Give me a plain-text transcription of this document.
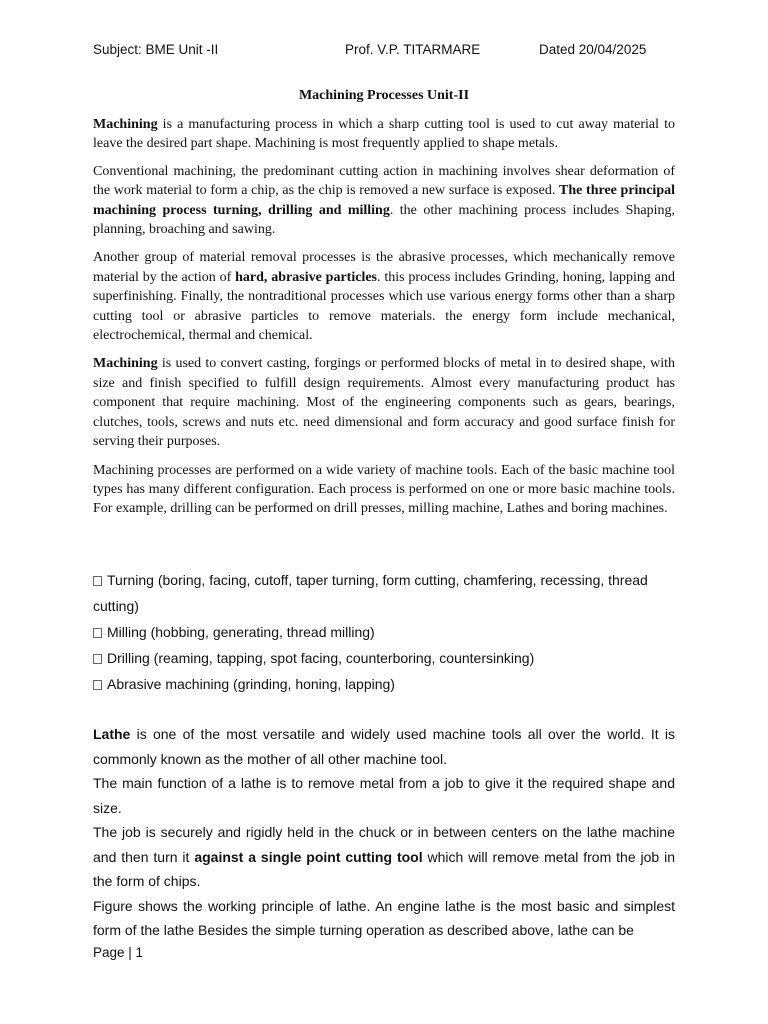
Subject: BME Unit -II	Prof. V.P. TITARMARE	Dated 20/04/2025
Machining Processes Unit-II

Machining is a manufacturing process in which a sharp cutting tool is used to cut away material to leave the desired part shape. Machining is most frequently applied to shape metals.

Conventional machining, the predominant cutting action in machining involves shear deformation of the work material to form a chip, as the chip is removed a new surface is exposed. The three principal machining process turning, drilling and milling. the other machining process includes Shaping, planning, broaching and sawing.

Another group of material removal processes is the abrasive processes, which mechanically remove material by the action of hard, abrasive particles. this process includes Grinding, honing, lapping and superfinishing. Finally, the nontraditional processes which use various energy forms other than a sharp cutting tool or abrasive particles to remove materials. the energy form include mechanical, electrochemical, thermal and chemical.

Machining is used to convert casting, forgings or performed blocks of metal in to desired shape, with size and finish specified to fulfill design requirements. Almost every manufacturing product has component that require machining. Most of the engineering components such as gears, bearings, clutches, tools, screws and nuts etc. need dimensional and form accuracy and good surface finish for serving their purposes.

Machining processes are performed on a wide variety of machine tools. Each of the basic machine tool types has many different configuration. Each process is performed on one or more basic machine tools. For example, drilling can be performed on drill presses, milling machine, Lathes and boring machines.

Turning (boring, facing, cutoff, taper turning, form cutting, chamfering, recessing, thread cutting)

Milling (hobbing, generating, thread milling)

Drilling (reaming, tapping, spot facing, counterboring, countersinking)

Abrasive machining (grinding, honing, lapping)

Lathe is one of the most versatile and widely used machine tools all over the world. It is commonly known as the mother of all other machine tool.

The main function of a lathe is to remove metal from a job to give it the required shape and size.

The job is securely and rigidly held in the chuck or in between centers on the lathe machine and then turn it against a single point cutting tool which will remove metal from the job in the form of chips.

Figure shows the working principle of lathe. An engine lathe is the most basic and simplest form of the lathe Besides the simple turning operation as described above, lathe can be

Page | 1
